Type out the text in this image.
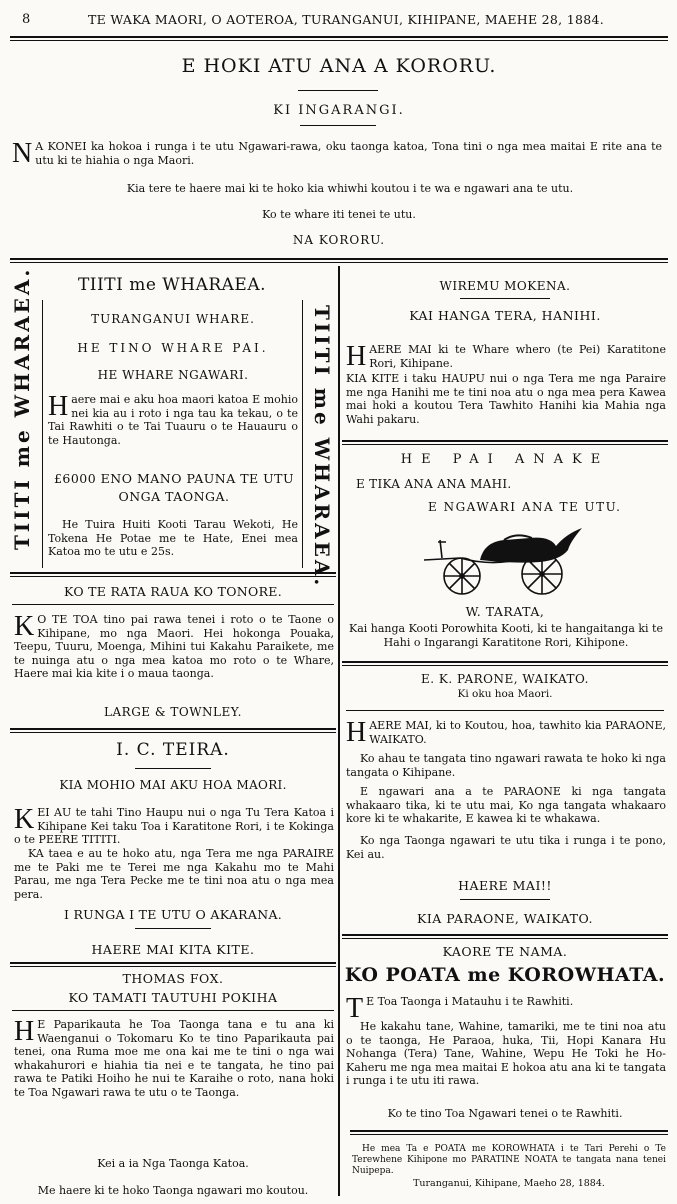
8	TE WAKA MAORI, O AOTEROA, TURANGANUI, KIHIPANE, MAEHE 28, 1884.
E HOKI ATU ANA A KORORU.
KI INGARANGI.
N A KONEI ka hokoa i runga i te utu Ngawari-rawa, oku taonga katoa, Tona tini o nga mea maitai E rite ana te utu ki te hiahia o nga Maori.
Kia tere te haere mai ki te hoko kia whiwhi koutou i te wa e ngawari ana te utu.
Ko te whare iti tenei te utu.
NA KORORU.
TIITI me WHARAEA.	TIITI me WHARAEA.
TIITI me WHARAEA.
TURANGANUI WHARE.
HE TINO WHARE PAI.
HE WHARE NGAWARI.
Haere mai e aku hoa maori katoa E mohio nei kia au i roto i nga tau ka tekau, o te Tai Rawhiti o te Tai Tuauru o te Hauauru o te Hautonga.
£6000 ENO MANO PAUNA TE UTU ONGA TAONGA.
He Tuira Huiti Kooti Tarau Wekoti, He Tokena He Potae me te Hate, Enei mea Katoa mo te utu e 25s.
KO TE RATA RAUA KO TONORE.
K O TE TOA tino pai rawa tenei i roto o te Taone o Kihipane, mo nga Maori. Hei hokonga Pouaka, Teepu, Tuuru, Moenga, Mihini tui Kakahu Paraikete, me te nuinga atu o nga mea katoa mo roto o te Whare, Haere mai kia kite i o maua taonga.
LARGE & TOWNLEY.
I. C. TEIRA.
KIA MOHIO MAI AKU HOA MAORI.
KEI AU te tahi Tino Haupu nui o nga Tu Tera Katoa i Kihipane Kei taku Toa i Karatitone Rori, i te Kokinga o te PEERE TITITI.
KA taea e au te hoko atu, nga Tera me nga PARAIRE me te Paki me te Terei me nga Kakahu mo te Mahi Parau, me nga Tera Pecke me te tini noa atu o nga mea pera.
I RUNGA I TE UTU O AKARANA.
HAERE MAI KITA KITE.
THOMAS FOX.
KO TAMATI TAUTUHI POKIHA
H E Paparikauta he Toa Taonga tana e tu ana ki Waenganui o Tokomaru Ko te tino Paparikauta pai tenei, ona Ruma moe me ona kai me te tini o nga wai whakahurori e hiahia tia nei e te tangata, he tino pai rawa te Patiki Hoiho he nui te Karaihe o roto, nana hoki te Toa Ngawari rawa te utu o te Taonga.
Kei a ia Nga Taonga Katoa.
Me haere ki te hoko Taonga ngawari mo koutou.
WIREMU MOKENA.
KAI HANGA TERA, HANIHI.
HAERE MAI ki te Whare whero (te Pei) Karatitone Rori, Kihipane.
KIA KITE i taku HAUPU nui o nga Tera me nga Paraire me nga Hanihi me te tini noa atu o nga mea pera Kawea mai hoki a koutou Tera Tawhito Hanihi kia Mahia nga Wahi pakaru.
HE PAI ANAKE
E TIKA ANA ANA MAHI.
E NGAWARI ANA TE UTU.
W. TARATA,
Kai hanga Kooti Porowhita Kooti, ki te hangaitanga ki te Hahi o Ingarangi Karatitone Rori, Kihipone.
E. K. PARONE, WAIKATO.
Ki oku hoa Maori.
HAERE MAI, ki to Koutou, hoa, tawhito kia PARAONE, WAIKATO.
Ko ahau te tangata tino ngawari rawata te hoko ki nga tangata o Kihipane.
E ngawari ana a te PARAONE ki nga tangata whakaaro tika, ki te utu mai, Ko nga tangata whakaaro kore ki te whakarite, E kawea ki te whakawa.
Ko nga Taonga ngawari te utu tika i runga i te pono, Kei au.
HAERE MAI!!
KIA PARAONE, WAIKATO.
KAORE TE NAMA.
KO POATA me KOROWHATA.
T E Toa Taonga i Matauhu i te Rawhiti.
He kakahu tane, Wahine, tamariki, me te tini noa atu o te taonga, He Paraoa, huka, Tii, Hopi Kanara Hu Nohanga (Tera) Tane, Wahine, Wepu He Toki he Ho-Kaheru me nga mea maitai E hokoa atu ana ki te tangata i runga i te utu iti rawa.
Ko te tino Toa Ngawari tenei o te Rawhiti.
He mea Ta e POATA me KOROWHATA i te Tari Perehi o Te Terewhene Kihipone mo PARATINE NOATA te tangata nana tenei Nuipepa.
Turanganui, Kihipane, Maeho 28, 1884.
